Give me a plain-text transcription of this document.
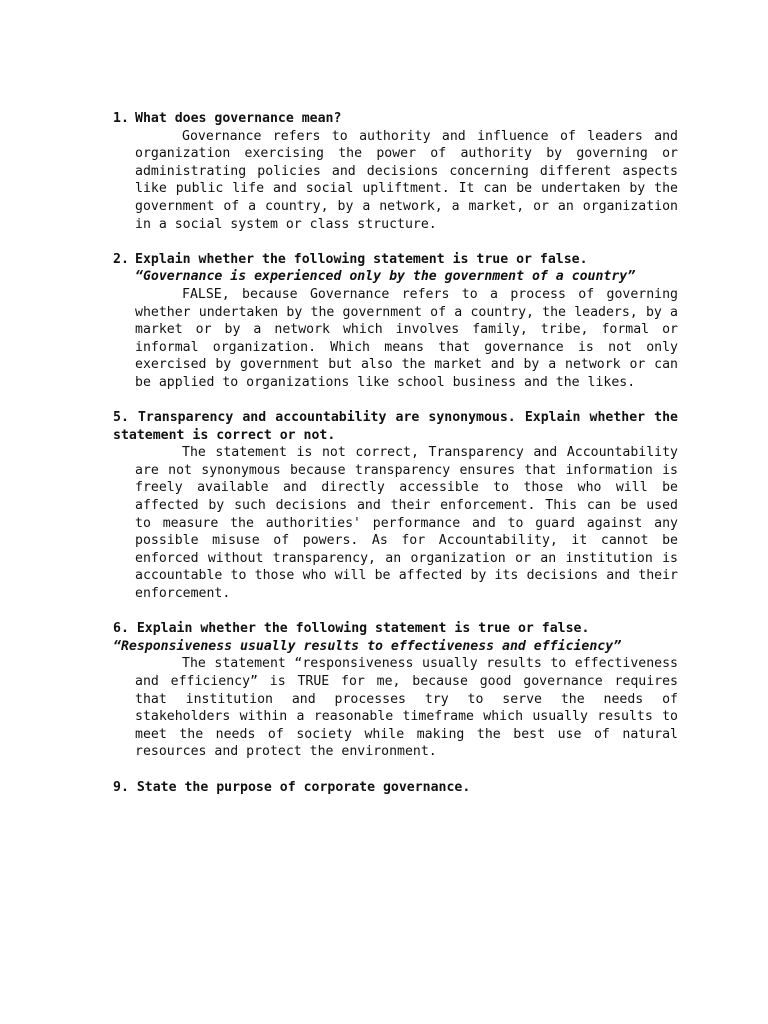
1. What does governance mean?
Governance refers to authority and influence of leaders and organization exercising the power of authority by governing or administrating policies and decisions concerning different aspects like public life and social upliftment. It can be undertaken by the government of a country, by a network, a market, or an organization in a social system or class structure.
2. Explain whether the following statement is true or false.
“Governance is experienced only by the government of a country”
FALSE, because Governance refers to a process of governing whether undertaken by the government of a country, the leaders, by a market or by a network which involves family, tribe, formal or informal organization. Which means that governance is not only exercised by government but also the market and by a network or can be applied to organizations like school business and the likes.
5. Transparency and accountability are synonymous. Explain whether the statement is correct or not.
The statement is not correct, Transparency and Accountability are not synonymous because transparency ensures that information is freely available and directly accessible to those who will be affected by such decisions and their enforcement. This can be used to measure the authorities' performance and to guard against any possible misuse of powers. As for Accountability, it cannot be enforced without transparency, an organization or an institution is accountable to those who will be affected by its decisions and their enforcement.
6. Explain whether the following statement is true or false.
“Responsiveness usually results to effectiveness and efficiency”
The statement “responsiveness usually results to effectiveness and efficiency” is TRUE for me, because good governance requires that institution and processes try to serve the needs of stakeholders within a reasonable timeframe which usually results to meet the needs of society while making the best use of natural resources and protect the environment.
9. State the purpose of corporate governance.
